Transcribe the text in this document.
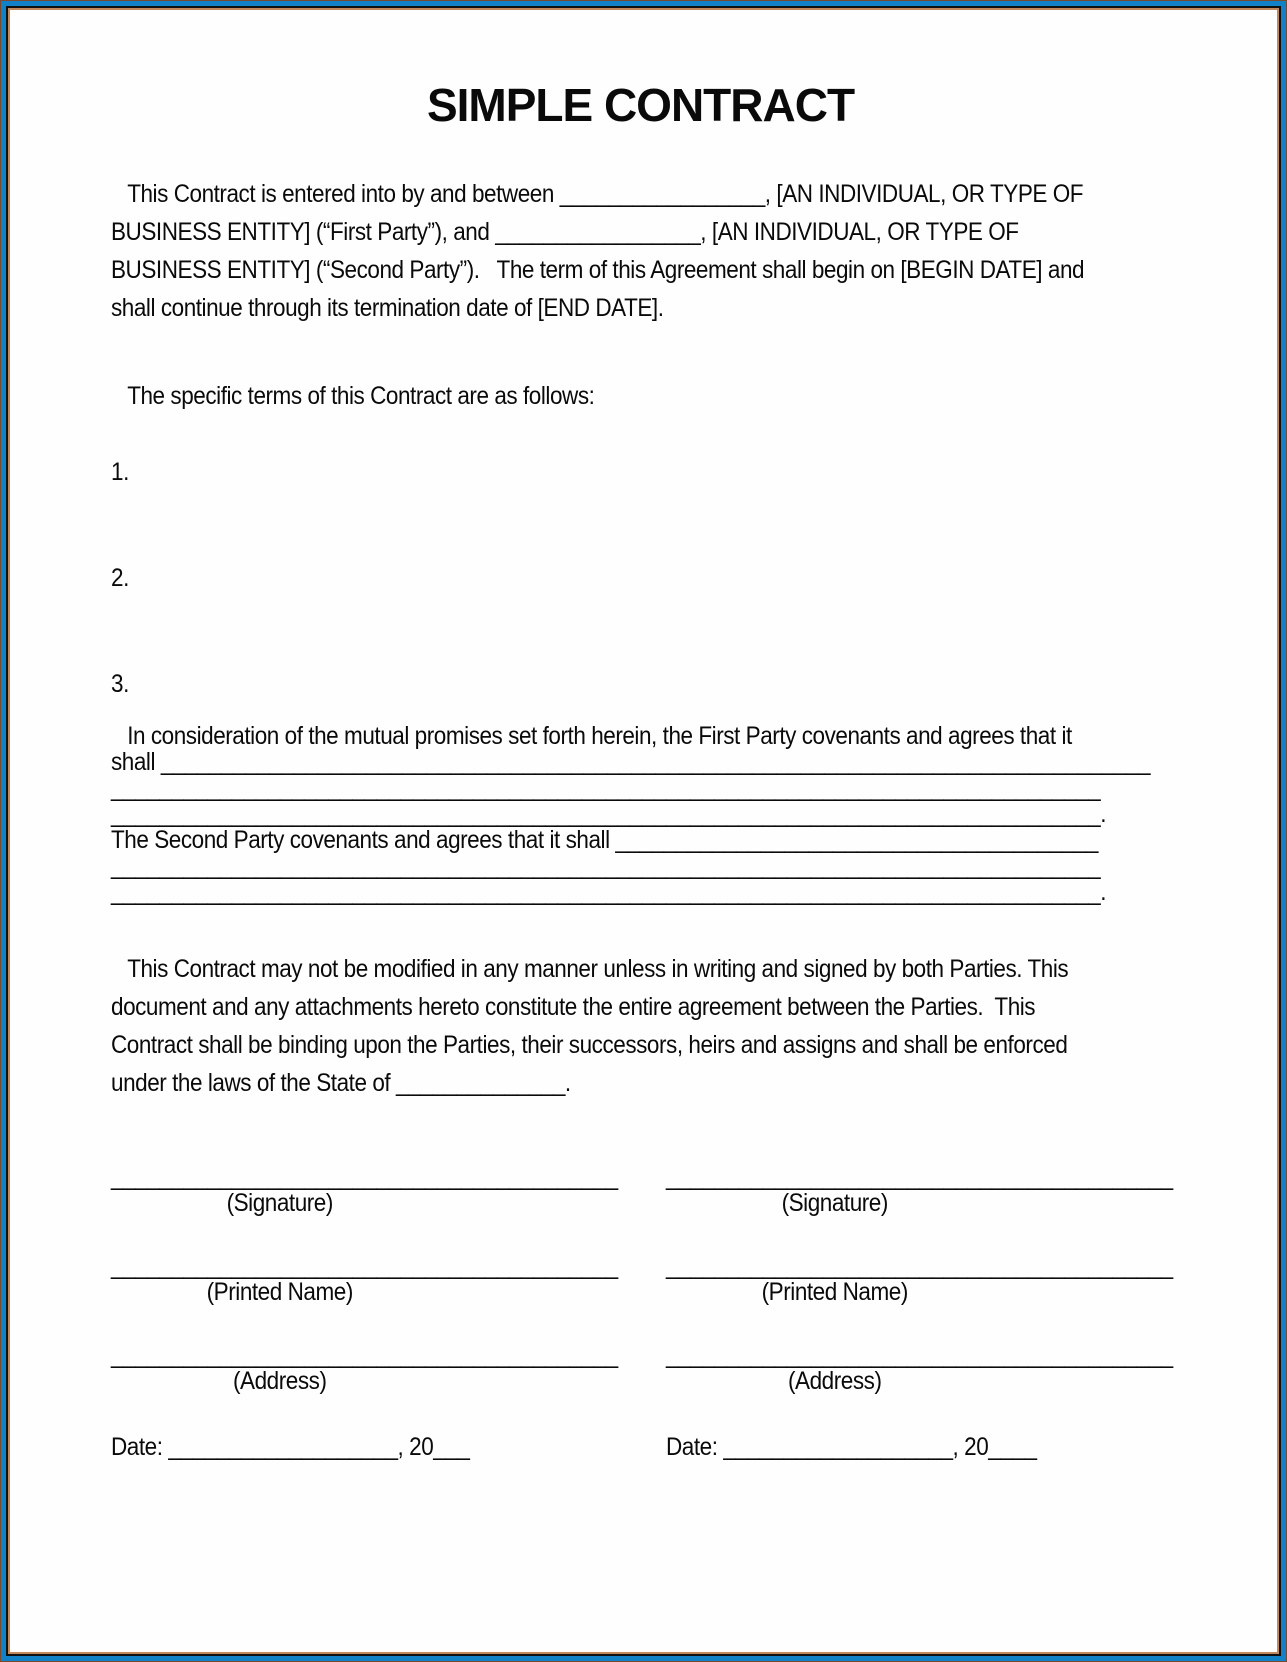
SIMPLE CONTRACT
This Contract is entered into by and between _________________, [AN INDIVIDUAL, OR TYPE OF
BUSINESS ENTITY] (“First Party”), and _________________, [AN INDIVIDUAL, OR TYPE OF
BUSINESS ENTITY] (“Second Party”).   The term of this Agreement shall begin on [BEGIN DATE] and
shall continue through its termination date of [END DATE].
The specific terms of this Contract are as follows:
1.
2.
3.
In consideration of the mutual promises set forth herein, the First Party covenants and agrees that it
shall __________________________________________________________________________________
__________________________________________________________________________________
__________________________________________________________________________________.
The Second Party covenants and agrees that it shall ________________________________________
__________________________________________________________________________________
__________________________________________________________________________________.
This Contract may not be modified in any manner unless in writing and signed by both Parties. This
document and any attachments hereto constitute the entire agreement between the Parties.  This
Contract shall be binding upon the Parties, their successors, heirs and assigns and shall be enforced
under the laws of the State of ______________.
__________________________________________
(Signature)
__________________________________________
(Printed Name)
__________________________________________
(Address)
Date: ___________________, 20___
__________________________________________
(Signature)
__________________________________________
(Printed Name)
__________________________________________
(Address)
Date: ___________________, 20____
